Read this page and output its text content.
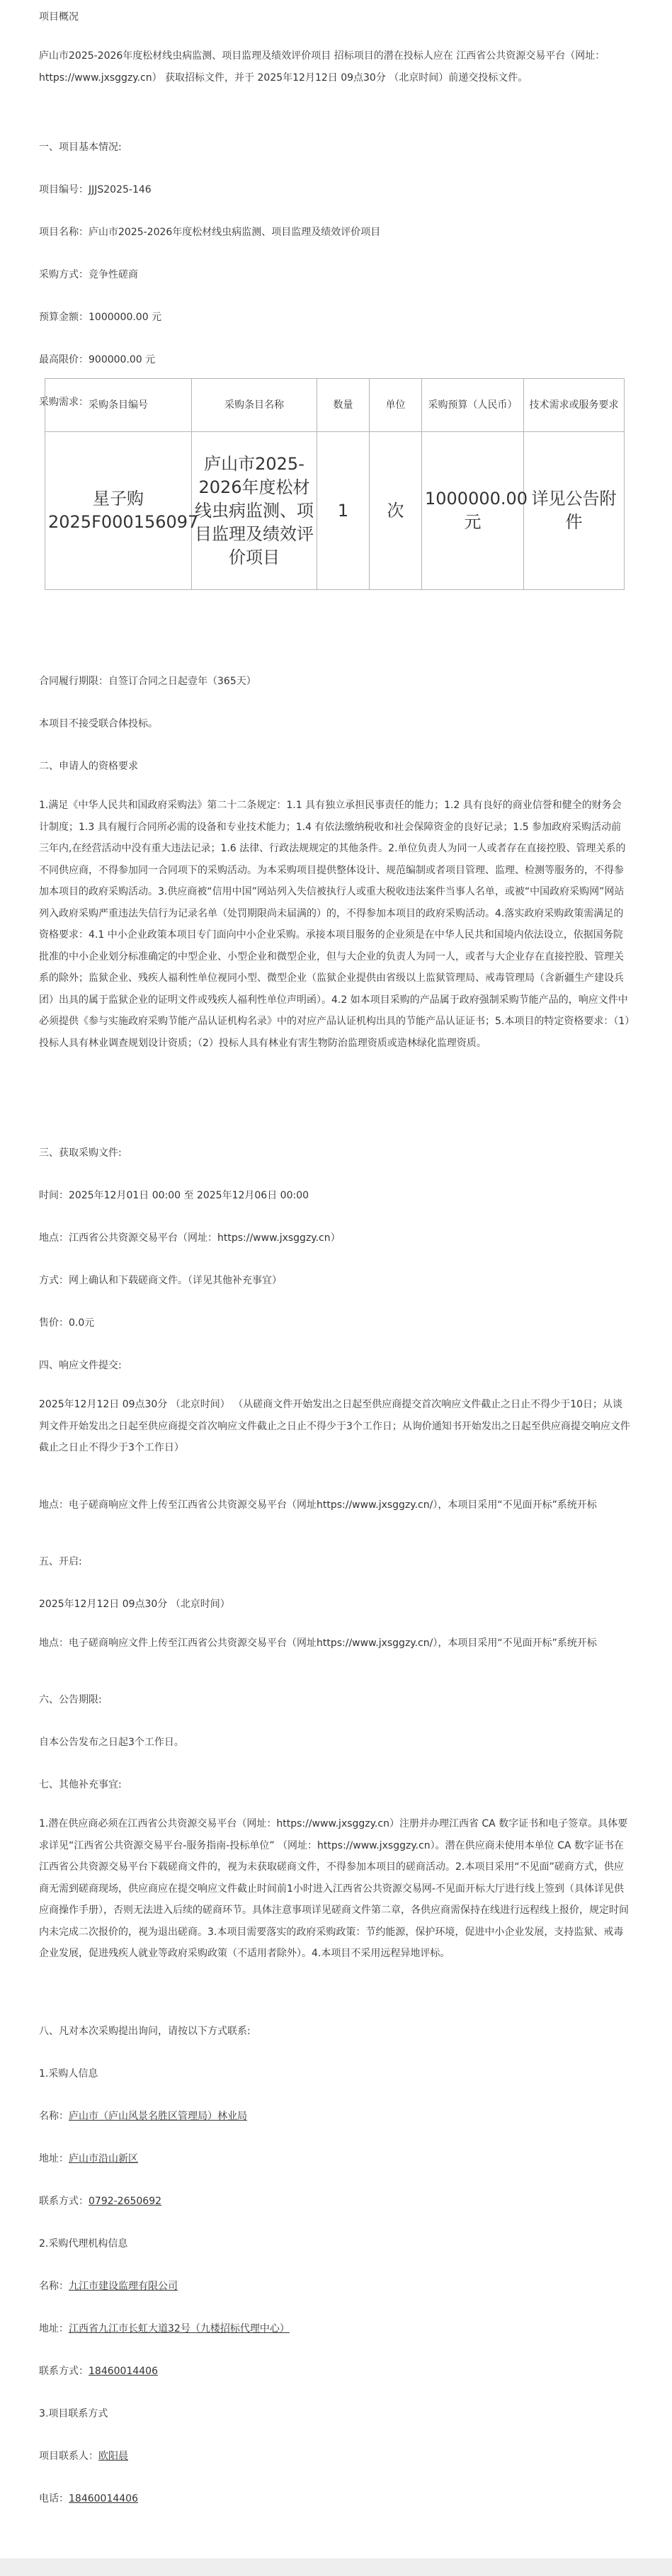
项目概况

庐山市2025-2026年度松材线虫病监测、项目监理及绩效评价项目 招标项目的潜在投标人应在 江西省公共资源交易平台（网址：https://www.jxsggzy.cn） 获取招标文件，并于 2025年12月12日 09点30分 （北京时间）前递交投标文件。

一、项目基本情况:

项目编号：JJJS2025-146

项目名称：庐山市2025-2026年度松材线虫病监测、项目监理及绩效评价项目

采购方式：竞争性磋商

预算金额：1000000.00 元

最高限价：900000.00 元

采购需求： 采购条目编号	采购条目名称	数量	单位	采购预算（人民币）	技术需求或服务要求
星子购2025F000156097	庐山市2025-2026年度松材线虫病监测、项目监理及绩效评价项目	1	次	1000000.00元	详见公告附件

合同履行期限：自签订合同之日起壹年（365天）

本项目不接受联合体投标。

二、申请人的资格要求

1.满足《中华人民共和国政府采购法》第二十二条规定：1.1 具有独立承担民事责任的能力；1.2 具有良好的商业信誉和健全的财务会计制度；1.3 具有履行合同所必需的设备和专业技术能力；1.4 有依法缴纳税收和社会保障资金的良好记录；1.5 参加政府采购活动前三年内,在经营活动中没有重大违法记录；1.6 法律、行政法规规定的其他条件。2.单位负责人为同一人或者存在直接控股、管理关系的不同供应商，不得参加同一合同项下的采购活动。为本采购项目提供整体设计、规范编制或者项目管理、监理、检测等服务的，不得参加本项目的政府采购活动。3.供应商被“信用中国”网站列入失信被执行人或重大税收违法案件当事人名单，或被“中国政府采购网”网站列入政府采购严重违法失信行为记录名单（处罚期限尚未届满的）的，不得参加本项目的政府采购活动。4.落实政府采购政策需满足的资格要求：4.1 中小企业政策本项目专门面向中小企业采购。承接本项目服务的企业须是在中华人民共和国境内依法设立，依据国务院批准的中小企业划分标准确定的中型企业、小型企业和微型企业，但与大企业的负责人为同一人，或者与大企业存在直接控股、管理关系的除外；监狱企业、残疾人福利性单位视同小型、微型企业（监狱企业提供由省级以上监狱管理局、戒毒管理局（含新疆生产建设兵团）出具的属于监狱企业的证明文件或残疾人福利性单位声明函）。4.2 如本项目采购的产品属于政府强制采购节能产品的，响应文件中必须提供《参与实施政府采购节能产品认证机构名录》中的对应产品认证机构出具的节能产品认证证书；5.本项目的特定资格要求：（1）投标人具有林业调查规划设计资质；（2）投标人具有林业有害生物防治监理资质或造林绿化监理资质。

三、获取采购文件:

时间：2025年12月01日 00:00 至 2025年12月06日 00:00

地点：江西省公共资源交易平台（网址：https://www.jxsggzy.cn）

方式：网上确认和下载磋商文件。（详见其他补充事宜）

售价：0.0元

四、响应文件提交:

2025年12月12日 09点30分 （北京时间） （从磋商文件开始发出之日起至供应商提交首次响应文件截止之日止不得少于10日；从谈判文件开始发出之日起至供应商提交首次响应文件截止之日止不得少于3个工作日；从询价通知书开始发出之日起至供应商提交响应文件截止之日止不得少于3个工作日）

地点：电子磋商响应文件上传至江西省公共资源交易平台（网址https://www.jxsggzy.cn/），本项目采用“不见面开标”系统开标

五、开启:

2025年12月12日 09点30分 （北京时间）

地点：电子磋商响应文件上传至江西省公共资源交易平台（网址https://www.jxsggzy.cn/），本项目采用“不见面开标”系统开标

六、公告期限:

自本公告发布之日起3个工作日。

七、其他补充事宜:

1.潜在供应商必须在江西省公共资源交易平台（网址：https://www.jxsggzy.cn）注册并办理江西省 CA 数字证书和电子签章。具体要求详见“江西省公共资源交易平台-服务指南-投标单位” （网址：https://www.jxsggzy.cn）。潜在供应商未使用本单位 CA 数字证书在江西省公共资源交易平台下载磋商文件的，视为未获取磋商文件，不得参加本项目的磋商活动。2.本项目采用“不见面”磋商方式，供应商无需到磋商现场，供应商应在提交响应文件截止时间前1小时进入江西省公共资源交易网-不见面开标大厅进行线上签到（具体详见供应商操作手册），否则无法进入后续的磋商环节。具体注意事项详见磋商文件第二章，各供应商需保持在线进行远程线上报价，规定时间内未完成二次报价的，视为退出磋商。3.本项目需要落实的政府采购政策：节约能源，保护环境，促进中小企业发展，支持监狱、戒毒企业发展，促进残疾人就业等政府采购政策（不适用者除外）。4.本项目不采用远程异地评标。

八、凡对本次采购提出询问，请按以下方式联系:

1.采购人信息

名称：庐山市（庐山风景名胜区管理局）林业局

地址：庐山市沿山新区

联系方式：0792-2650692

2.采购代理机构信息

名称：九江市建设监理有限公司

地址：江西省九江市长虹大道32号（九楼招标代理中心）

联系方式：18460014406

3.项目联系方式

项目联系人：欧阳晨

电话：18460014406
